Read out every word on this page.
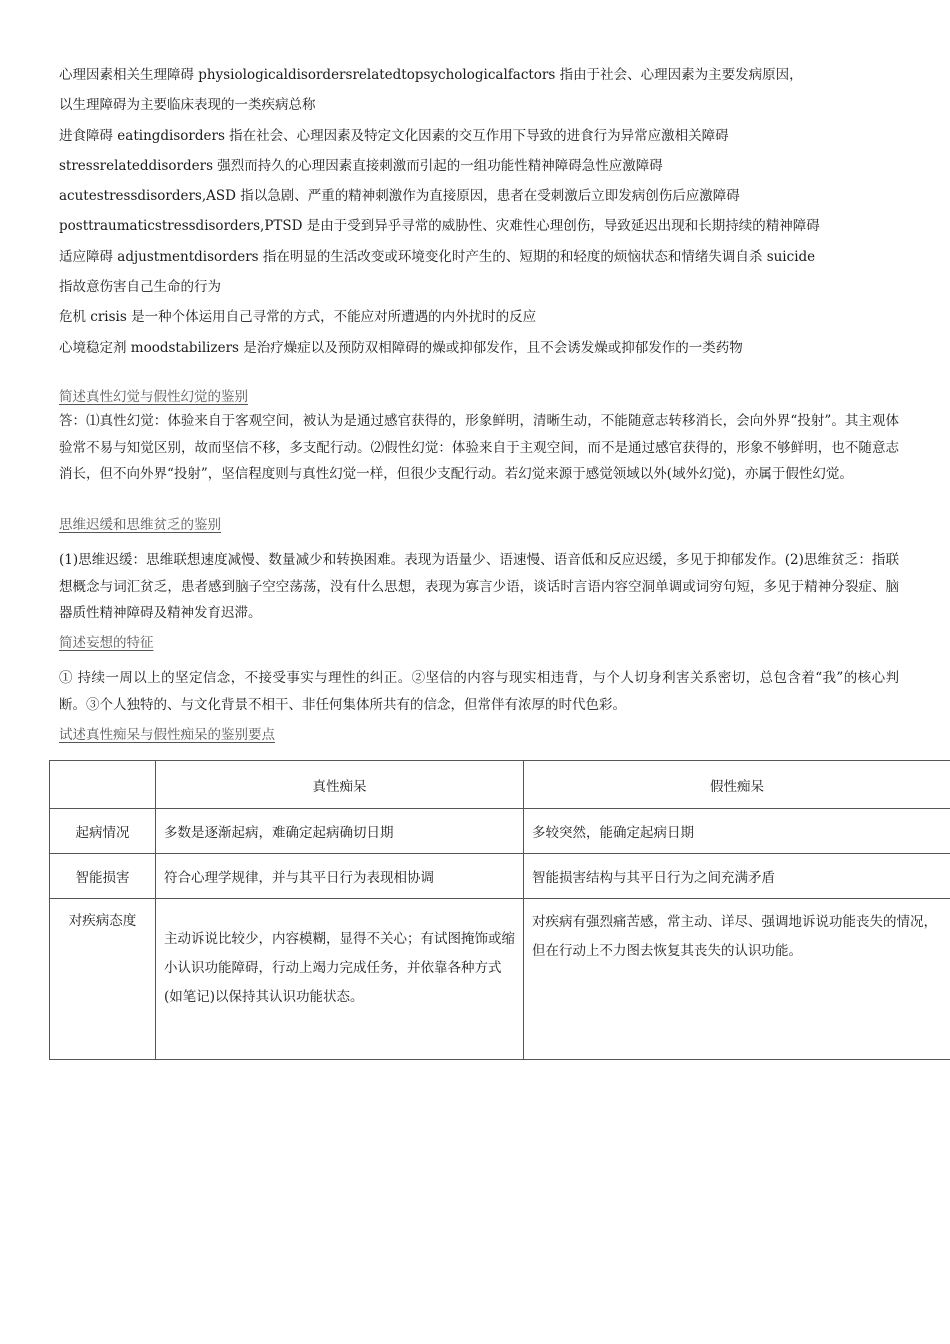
心理因素相关生理障碍 physiologicaldisordersrelatedtopsychologicalfactors 指由于社会、心理因素为主要发病原因，

以生理障碍为主要临床表现的一类疾病总称

进食障碍 eatingdisorders 指在社会、心理因素及特定文化因素的交互作用下导致的进食行为异常应激相关障碍

stressrelateddisorders 强烈而持久的心理因素直接刺激而引起的一组功能性精神障碍急性应激障碍

acutestressdisorders,ASD 指以急剧、严重的精神刺激作为直接原因，患者在受刺激后立即发病创伤后应激障碍

posttraumaticstressdisorders,PTSD 是由于受到异乎寻常的威胁性、灾难性心理创伤，导致延迟出现和长期持续的精神障碍

适应障碍 adjustmentdisorders 指在明显的生活改变或环境变化时产生的、短期的和轻度的烦恼状态和情绪失调自杀 suicide

指故意伤害自己生命的行为

危机 crisis 是一种个体运用自己寻常的方式，不能应对所遭遇的内外扰时的反应

心境稳定剂 moodstabilizers 是治疗燥症以及预防双相障碍的燥或抑郁发作，且不会诱发燥或抑郁发作的一类药物

简述真性幻觉与假性幻觉的鉴别

答：⑴真性幻觉：体验来自于客观空间，被认为是通过感官获得的，形象鲜明，清晰生动，不能随意志转移消长，会向外界“投射”。其主观体验常不易与知觉区别，故而坚信不移，多支配行动。⑵假性幻觉：体验来自于主观空间，而不是通过感官获得的，形象不够鲜明，也不随意志消长，但不向外界“投射”，坚信程度则与真性幻觉一样，但很少支配行动。若幻觉来源于感觉领域以外(域外幻觉)，亦属于假性幻觉。

思维迟缓和思维贫乏的鉴别

(1)思维迟缓：思维联想速度减慢、数量减少和转换困难。表现为语量少、语速慢、语音低和反应迟缓，多见于抑郁发作。(2)思维贫乏：指联想概念与词汇贫乏，患者感到脑子空空荡荡，没有什么思想，表现为寡言少语，谈话时言语内容空洞单调或词穷句短，多见于精神分裂症、脑器质性精神障碍及精神发育迟滞。

简述妄想的特征

① 持续一周以上的坚定信念，不接受事实与理性的纠正。②坚信的内容与现实相违背，与个人切身利害关系密切，总包含着“我”的核心判断。③个人独特的、与文化背景不相干、非任何集体所共有的信念，但常伴有浓厚的时代色彩。

试述真性痴呆与假性痴呆的鉴别要点

	真性痴呆	假性痴呆
起病情况	多数是逐渐起病，难确定起病确切日期	多较突然，能确定起病日期
智能损害	符合心理学规律，并与其平日行为表现相协调	智能损害结构与其平日行为之间充满矛盾
对疾病态度	主动诉说比较少，内容模糊，显得不关心；有试图掩饰或缩小认识功能障碍，行动上竭力完成任务，并依靠各种方式(如笔记)以保持其认识功能状态。	对疾病有强烈痛苦感，常主动、详尽、强调地诉说功能丧失的情况，但在行动上不力图去恢复其丧失的认识功能。
